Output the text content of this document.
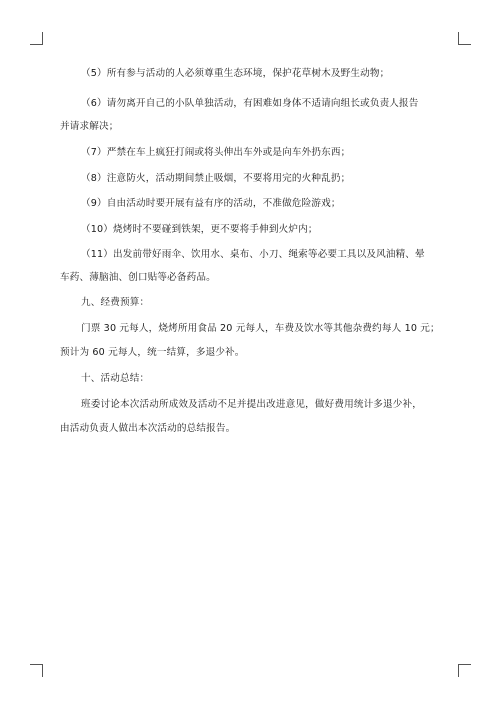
（5）所有参与活动的人必须尊重生态环境，保护花草树木及野生动物；
（6）请勿离开自己的小队单独活动，有困难如身体不适请向组长或负责人报告
并请求解决；
（7）严禁在车上疯狂打闹或将头伸出车外或是向车外扔东西；
（8）注意防火，活动期间禁止吸烟，不要将用完的火种乱扔；
（9）自由活动时要开展有益有序的活动，不准做危险游戏；
（10）烧烤时不要碰到铁架，更不要将手伸到火炉内；
（11）出发前带好雨伞、饮用水、桌布、小刀、绳索等必要工具以及风油精、晕
车药、薄脑油、创口贴等必备药品。
九、经费预算：
门票 30 元每人，烧烤所用食品 20 元每人，车费及饮水等其他杂费约每人 10 元；
预计为 60 元每人，统一结算，多退少补。
十、活动总结：
班委讨论本次活动所成效及活动不足并提出改进意见，做好费用统计多退少补，
由活动负责人做出本次活动的总结报告。
